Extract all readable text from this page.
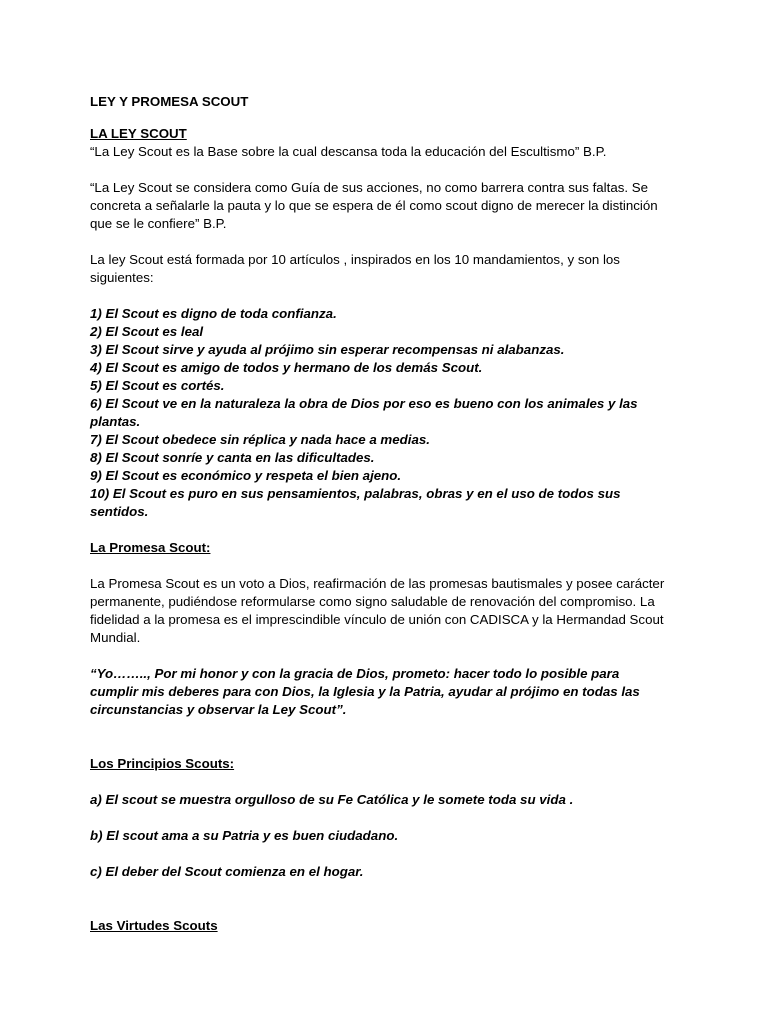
LEY Y PROMESA SCOUT

LA LEY SCOUT

“La Ley Scout es la Base sobre la cual descansa toda la educación del Escultismo” B.P.

“La Ley Scout se considera como Guía de sus acciones, no como barrera contra sus faltas. Se concreta a señalarle la pauta y lo que se espera de él como scout digno de merecer la distinción que se le confiere” B.P.

La ley Scout está formada por 10 artículos , inspirados en los 10 mandamientos, y son los siguientes:

1) El Scout es digno de toda confianza.
2) El Scout es leal
3) El Scout sirve y ayuda al prójimo sin esperar recompensas ni alabanzas.
4) El Scout es amigo de todos y hermano de los demás Scout.
5) El Scout es cortés.
6) El Scout ve en la naturaleza la obra de Dios por eso es bueno con los animales y las plantas.
7) El Scout obedece sin réplica y nada hace a medias.
8) El Scout sonríe y canta en las dificultades.
9) El Scout es económico y respeta el bien ajeno.
10) El Scout es puro en sus pensamientos, palabras, obras y en el uso de todos sus sentidos.

La Promesa Scout:

La Promesa Scout es un voto a Dios, reafirmación de las promesas bautismales y posee carácter permanente, pudiéndose reformularse como signo saludable de renovación del compromiso. La fidelidad a la promesa es el imprescindible vínculo de unión con CADISCA y la Hermandad Scout Mundial.

“Yo…….., Por mi honor y con la gracia de Dios, prometo: hacer todo lo posible para cumplir mis deberes para con Dios, la Iglesia y la Patria, ayudar al prójimo en todas las circunstancias y observar la Ley Scout”.

Los Principios Scouts:

a) El scout se muestra orgulloso de su Fe Católica y le somete toda su vida .

b) El scout ama a su Patria y es buen ciudadano.

c) El deber del Scout comienza en el hogar.

Las Virtudes Scouts
